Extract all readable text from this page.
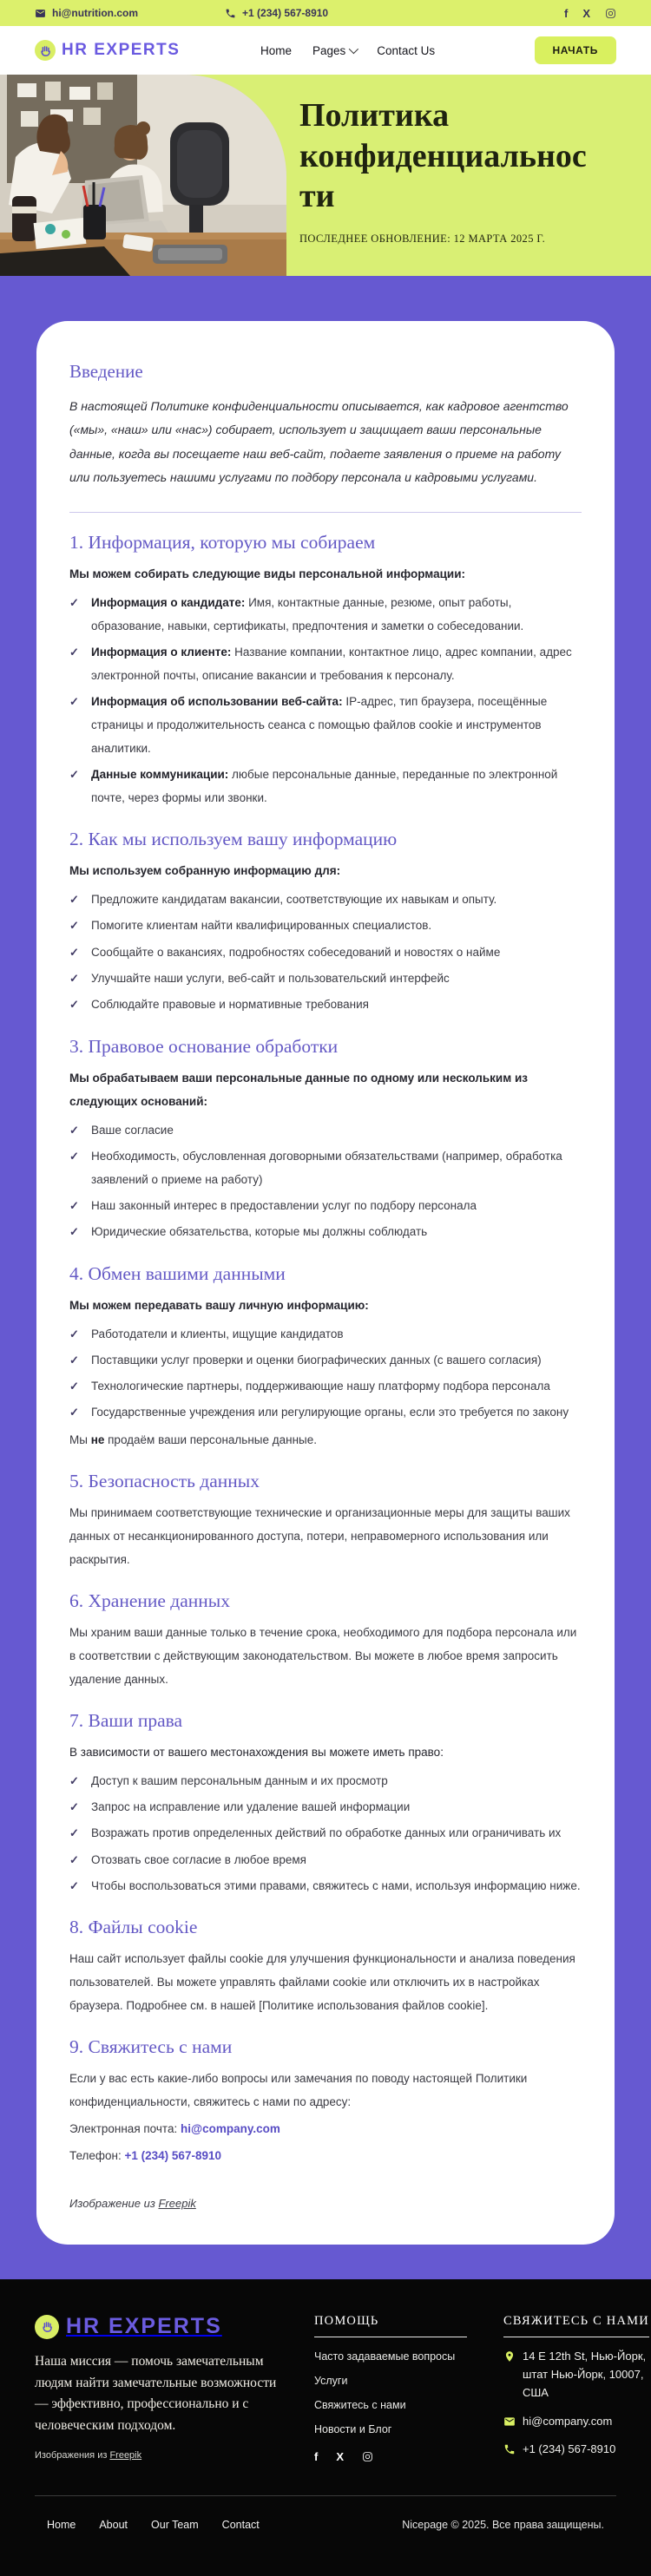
hi@nutrition.com	+1 (234) 567-8910	f X
HR EXPERTS	Home Pages	Contact Us	НАЧАТЬ
Политика конфиденциальности
ПОСЛЕДНЕЕ ОБНОВЛЕНИЕ: 12 МАРТА 2025 Г.
Введение

В настоящей Политике конфиденциальности описывается, как кадровое агентство («мы», «наш» или «нас») собирает, использует и защищает ваши персональные данные, когда вы посещаете наш веб-сайт, подаете заявления о приеме на работу или пользуетесь нашими услугами по подбору персонала и кадровыми услугами.

1. Информация, которую мы собираем

Мы можем собирать следующие виды персональной информации:

✓ Информация о кандидате: Имя, контактные данные, резюме, опыт работы, образование, навыки, сертификаты, предпочтения и заметки о собеседовании.
✓ Информация о клиенте: Название компании, контактное лицо, адрес компании, адрес электронной почты, описание вакансии и требования к персоналу.
✓ Информация об использовании веб-сайта: IP-адрес, тип браузера, посещённые страницы и продолжительность сеанса с помощью файлов cookie и инструментов аналитики.
✓ Данные коммуникации: любые персональные данные, переданные по электронной почте, через формы или звонки.
2. Как мы используем вашу информацию

Мы используем собранную информацию для:

✓ Предложите кандидатам вакансии, соответствующие их навыкам и опыту.
✓ Помогите клиентам найти квалифицированных специалистов.
✓ Сообщайте о вакансиях, подробностях собеседований и новостях о найме
✓ Улучшайте наши услуги, веб-сайт и пользовательский интерфейс
✓ Соблюдайте правовые и нормативные требования
3. Правовое основание обработки

Мы обрабатываем ваши персональные данные по одному или нескольким из следующих оснований:

✓ Ваше согласие
✓ Необходимость, обусловленная договорными обязательствами (например, обработка заявлений о приеме на работу)
✓ Наш законный интерес в предоставлении услуг по подбору персонала
✓ Юридические обязательства, которые мы должны соблюдать
4. Обмен вашими данными

Мы можем передавать вашу личную информацию:

✓ Работодатели и клиенты, ищущие кандидатов
✓ Поставщики услуг проверки и оценки биографических данных (с вашего согласия)
✓ Технологические партнеры, поддерживающие нашу платформу подбора персонала
✓ Государственные учреждения или регулирующие органы, если это требуется по закону

Мы не продаём ваши персональные данные.

5. Безопасность данных

Мы принимаем соответствующие технические и организационные меры для защиты ваших данных от несанкционированного доступа, потери, неправомерного использования или раскрытия.

6. Хранение данных

Мы храним ваши данные только в течение срока, необходимого для подбора персонала или в соответствии с действующим законодательством. Вы можете в любое время запросить удаление данных.

7. Ваши права

В зависимости от вашего местонахождения вы можете иметь право:

✓ Доступ к вашим персональным данным и их просмотр
✓ Запрос на исправление или удаление вашей информации
✓ Возражать против определенных действий по обработке данных или ограничивать их
✓ Отозвать свое согласие в любое время
✓ Чтобы воспользоваться этими правами, свяжитесь с нами, используя информацию ниже.
8. Файлы cookie

Наш сайт использует файлы cookie для улучшения функциональности и анализа поведения пользователей. Вы можете управлять файлами cookie или отключить их в настройках браузера. Подробнее см. в нашей [Политике использования файлов cookie].

9. Свяжитесь с нами

Если у вас есть какие-либо вопросы или замечания по поводу настоящей Политики конфиденциальности, свяжитесь с нами по адресу:

Электронная почта: hi@company.com

Телефон: +1 (234) 567-8910

Изображение из Freepik

HR EXPERTS

Наша миссия — помочь замечательным людям найти замечательные возможности — эффективно, профессионально и с человеческим подходом.

Изображения из Freepik

ПОМОЩЬ
Часто задаваемые вопросы
Услуги
Свяжитесь с нами
Новости и Блог
f X
СВЯЖИТЕСЬ С НАМИ
14 E 12th St, Нью-Йорк, штат Нью-Йорк, 10007, США
hi@company.com
+1 (234) 567-8910
Home About Our Team Contact	Nicepage © 2025. Все права защищены.
